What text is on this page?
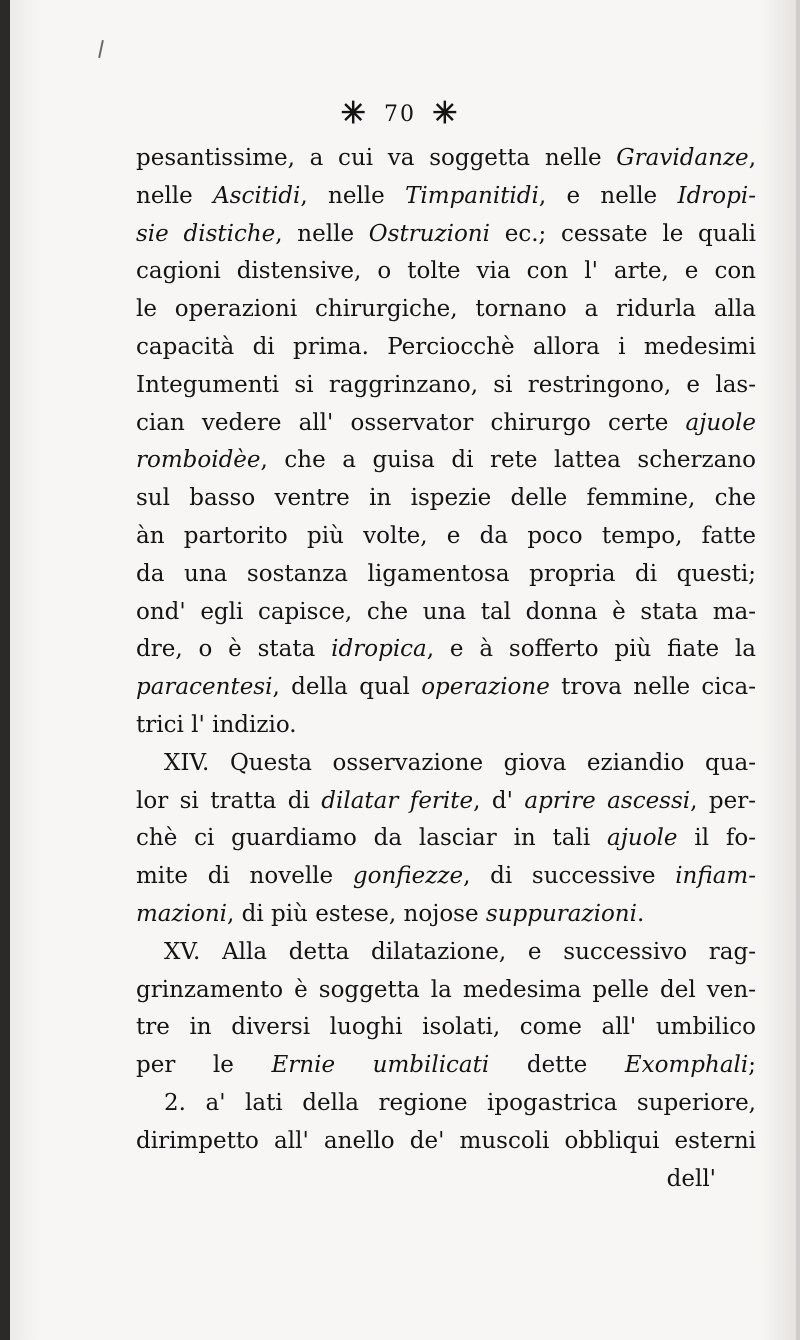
✳ 70 ✳
pesantissime, a cui va soggetta nelle Gravidanze,
nelle Ascitidi, nelle Timpanitidi, e nelle Idropi-
sie distiche, nelle Ostruzioni ec.; cessate le quali
cagioni distensive, o tolte via con l' arte, e con
le operazioni chirurgiche, tornano a ridurla alla
capacità di prima. Perciocchè allora i medesimi
Integumenti si raggrinzano, si restringono, e las-
cian vedere all' osservator chirurgo certe ajuole
romboidèe, che a guisa di rete lattea scherzano
sul basso ventre in ispezie delle femmine, che
àn partorito più volte, e da poco tempo, fatte
da una sostanza ligamentosa propria di questi;
ond' egli capisce, che una tal donna è stata ma-
dre, o è stata idropica, e à sofferto più fiate la
paracentesi, della qual operazione trova nelle cica-
trici l' indizio.
XIV. Questa osservazione giova eziandio qua-
lor si tratta di dilatar ferite, d' aprire ascessi, per-
chè ci guardiamo da lasciar in tali ajuole il fo-
mite di novelle gonfiezze, di successive infiam-
mazioni, di più estese, nojose suppurazioni.
XV. Alla detta dilatazione, e successivo rag-
grinzamento è soggetta la medesima pelle del ven-
tre in diversi luoghi isolati, come all' umbilico
per le Ernie umbilicati dette Exomphali;
2. a' lati della regione ipogastrica superiore,
dirimpetto all' anello de' muscoli obbliqui esterni
dell'
